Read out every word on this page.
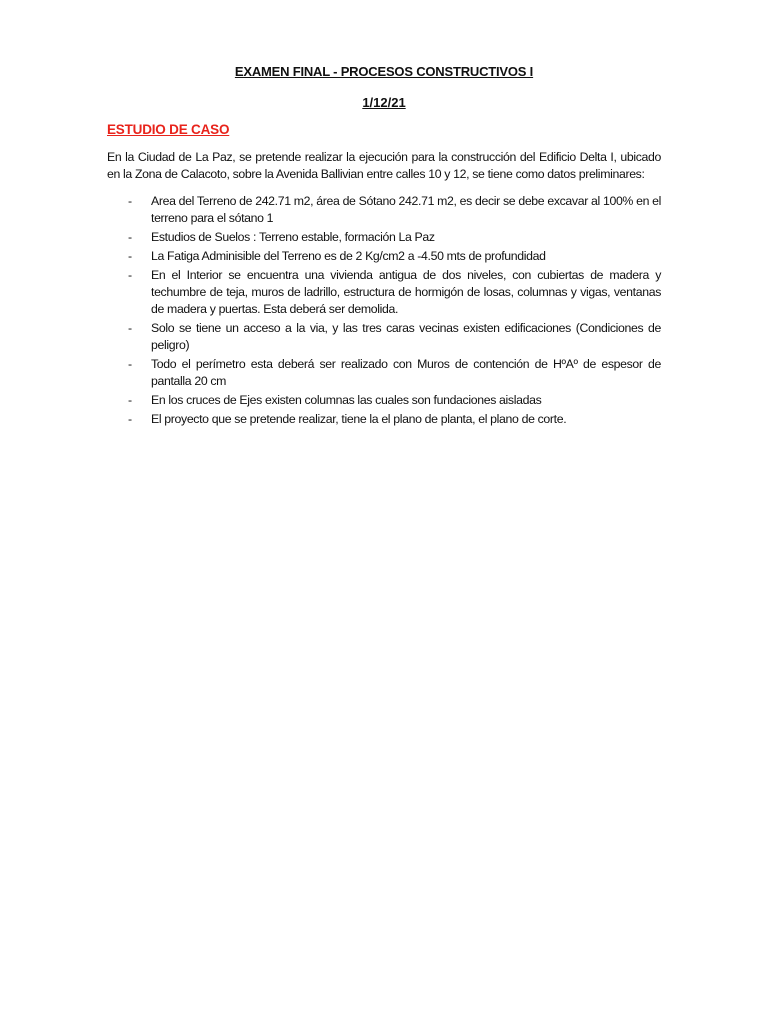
EXAMEN FINAL - PROCESOS CONSTRUCTIVOS I
1/12/21
ESTUDIO DE CASO

En la Ciudad de La Paz, se pretende realizar la ejecución para la construcción del Edificio Delta I, ubicado en la Zona de Calacoto, sobre la Avenida Ballivian entre calles 10 y 12, se tiene como datos preliminares:

- Area del Terreno de 242.71 m2, área de Sótano 242.71 m2, es decir se debe excavar al 100% en el terreno para el sótano 1
- Estudios de Suelos : Terreno estable, formación La Paz
- La Fatiga Adminisible del Terreno es de 2 Kg/cm2 a -4.50 mts de profundidad
- En el Interior se encuentra una vivienda antigua de dos niveles, con cubiertas de madera y techumbre de teja, muros de ladrillo, estructura de hormigón de losas, columnas y vigas, ventanas de madera y puertas. Esta deberá ser demolida.
- Solo se tiene un acceso a la via, y las tres caras vecinas existen edificaciones (Condiciones de peligro)
- Todo el perímetro esta deberá ser realizado con Muros de contención de HºAº de espesor de pantalla 20 cm
- En los cruces de Ejes existen columnas las cuales son fundaciones aisladas
- El proyecto que se pretende realizar, tiene la el plano de planta, el plano de corte.
